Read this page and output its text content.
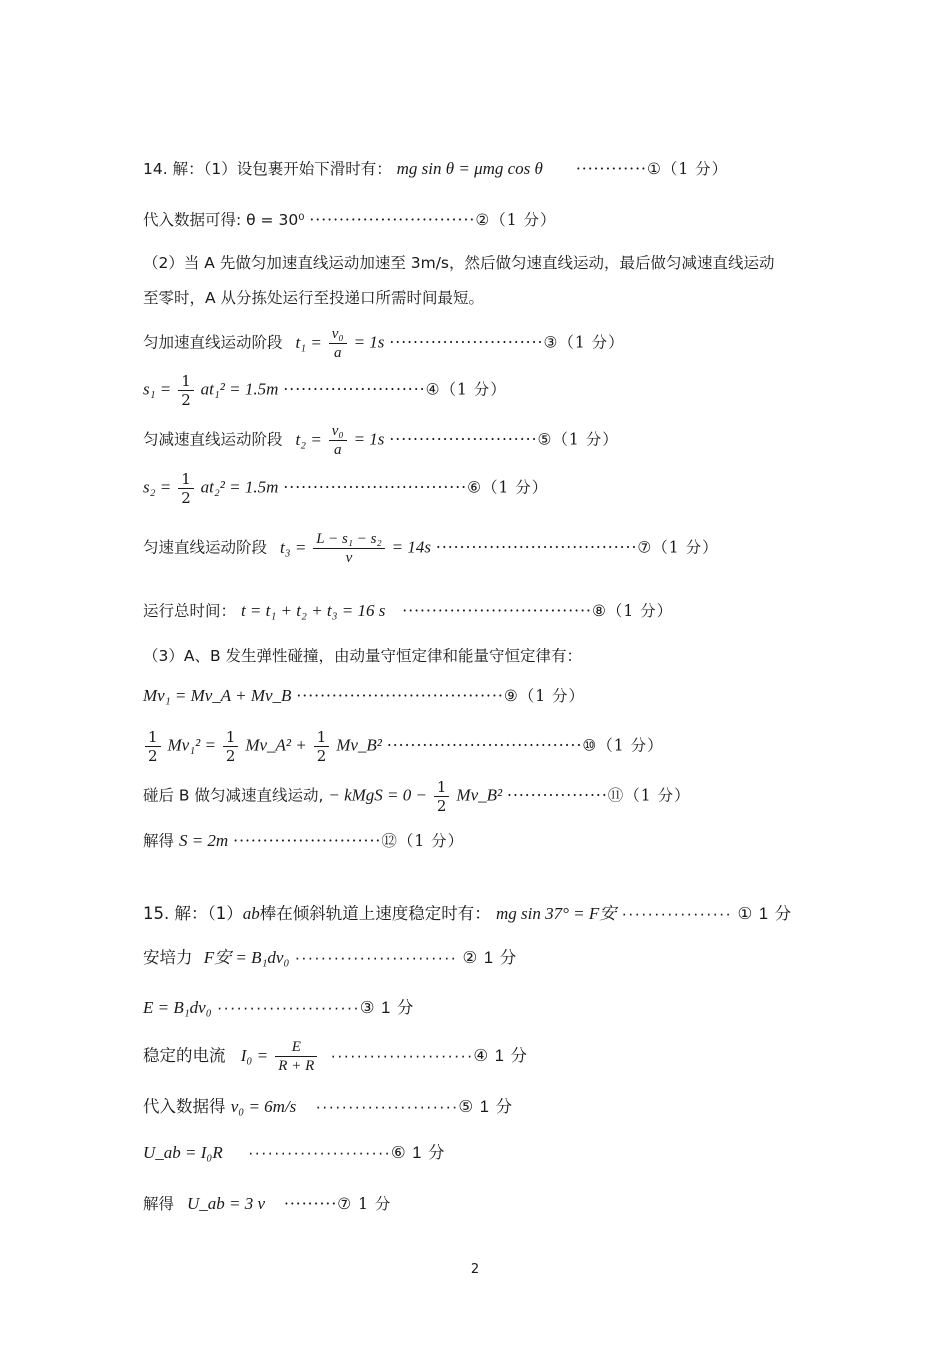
14. 解：（1）设包裹开始下滑时有： mg sin θ = μmg cos θ ············①（1 分）
代入数据可得: θ = 30⁰ ····························②（1 分）
（2）当 A 先做匀加速直线运动加速至 3m/s，然后做匀速直线运动，最后做匀减速直线运动
至零时，A 从分拣处运行至投递口所需时间最短。
匀加速直线运动阶段 $t_1 = \frac{\text{v₀}}{a} = 1s$ ··························③（1 分）
$s_1 = \frac{1}{2} at_1^2 = 1.5m$ ························④（1 分）
匀减速直线运动阶段 $t_2 = \frac{\text{v₀}}{a} = 1s$ ·························⑤（1 分）
$s_2 = \frac{1}{2} at_2^2 = 1.5m$ ·······························⑥（1 分）
匀速直线运动阶段 $t_3 = \frac{\text{L − s₁ − s₂}}{v} = 14s$ ··································⑦（1 分）
运行总时间： t = t₁ + t₂ + t₃ = 16 s ································⑧（1 分）
（3）A、B 发生弹性碰撞，由动量守恒定律和能量守恒定律有：
Mv₁ = Mv_A + Mv_B ···································⑨（1 分）
$\frac{1}{2} Mv_1^2 = \frac{1}{2}$ Mv_A² + $\frac{1}{2}$ Mv_B² ·································⑩（1 分）
碰后 B 做匀减速直线运动, − kMgS = $0 - \frac{1}{2}$ Mv_B² ·················⑪（1 分）
解得 S = 2m ·························⑫（1 分）
15. 解：（1）ab棒在倾斜轨道上速度稳定时有： mg sin 37° = F安 ················· ① 1 分
安培力 F安 = B₁dv₀ ························· ② 1 分
E = B₁dv₀ ······················③ 1 分
稳定的电流 $I_0 = \frac{E}{R + R}$ ······················④ 1 分
代入数据得 v₀ = 6m/s ······················⑤ 1 分
U_ab = I₀R ······················⑥ 1 分
解得 U_ab = 3 v ·········⑦ 1 分
2
